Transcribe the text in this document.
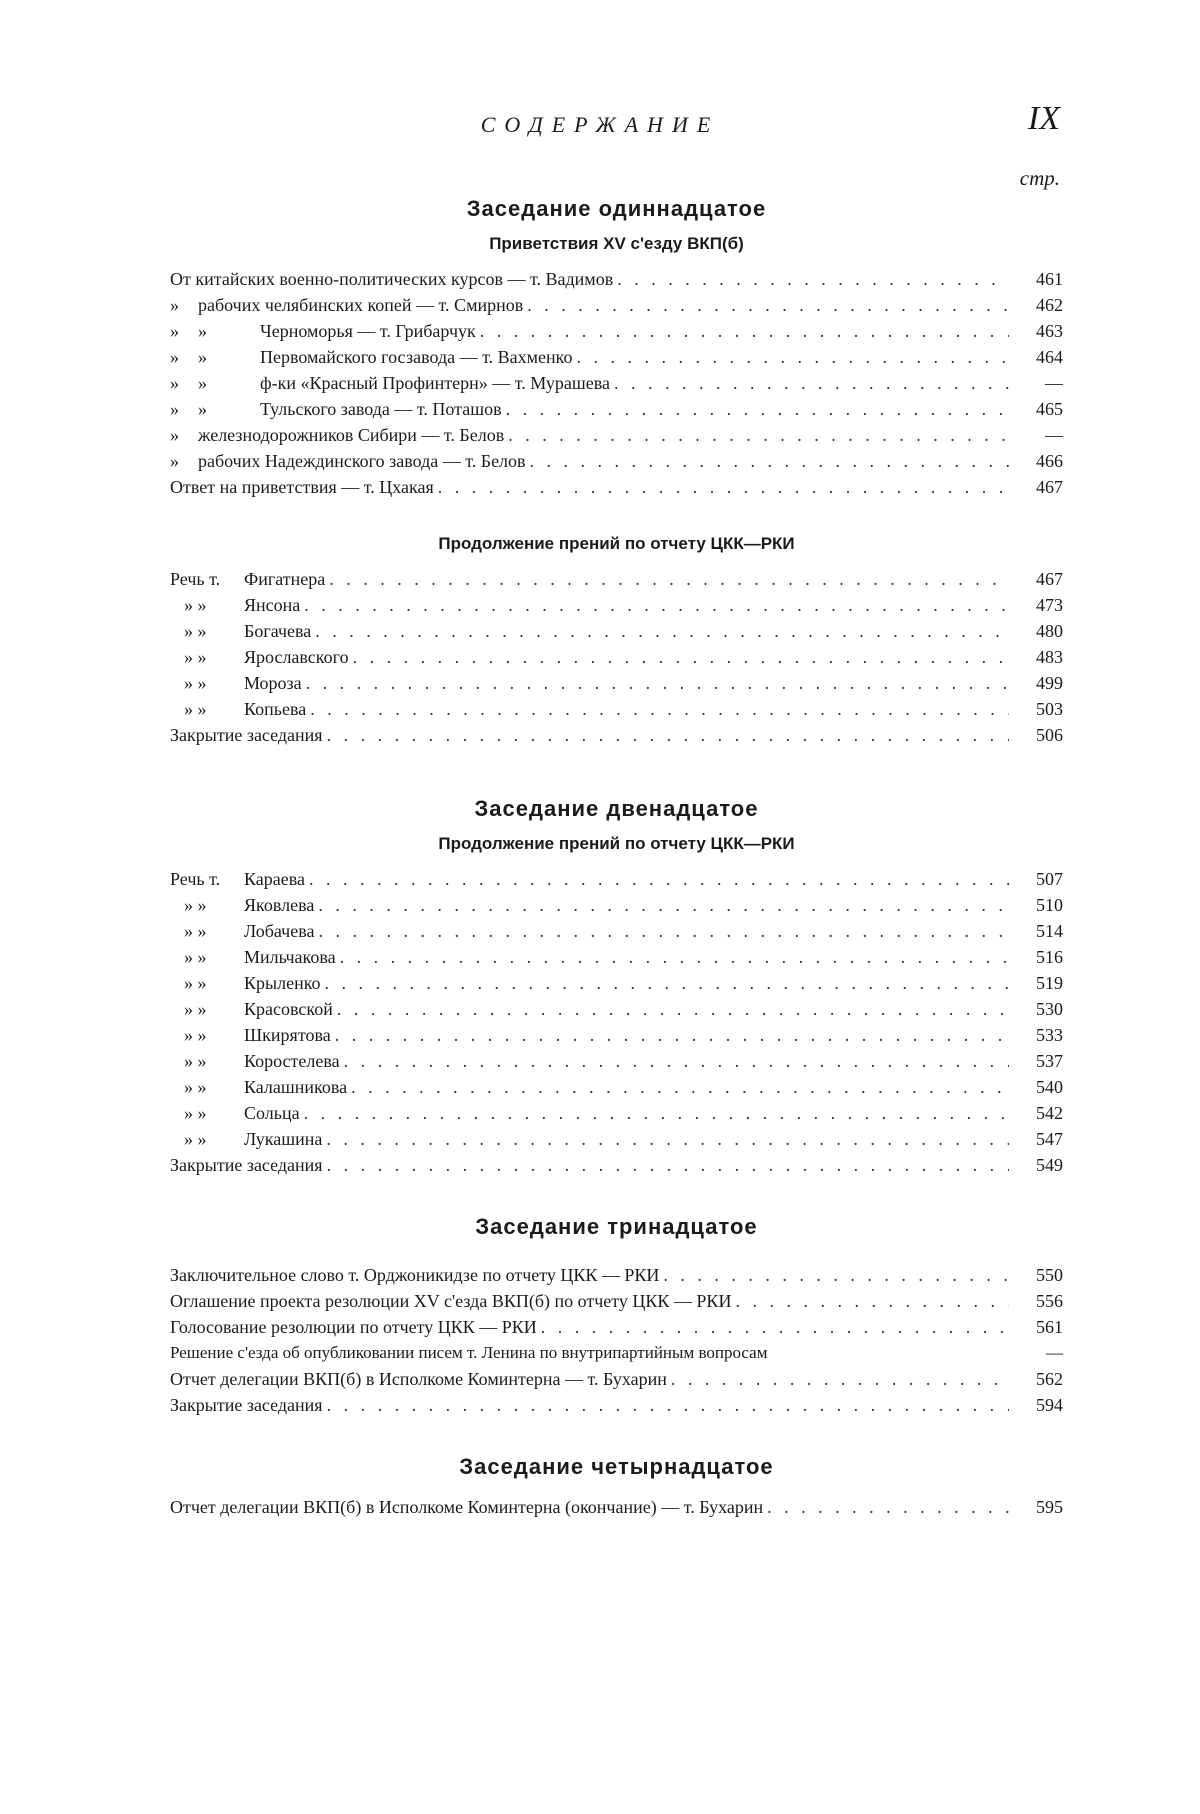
СОДЕРЖАНИЕ	IX
стр.
Заседание одиннадцатое
Приветствия XV с'езду ВКП(б)
От китайских военно-политических курсов — т. Вадимов . . .	461
» рабочих челябинских копей — т. Смирнов . . .	462
» »	Черноморья — т. Грибарчук . . .	463
» »	Первомайского госзавода — т. Вахменко . . .	464
» »	ф-ки «Красный Профинтерн» — т. Мурашева . . .	—
» »	Тульского завода — т. Поташов . . .	465
» железнодорожников Сибири — т. Белов . . .	—
» рабочих Надеждинского завода — т. Белов . . .	466
Ответ на приветствия — т. Цхакая . . .	467
Продолжение прений по отчету ЦКК—РКИ
Речь т. Фигатнера . . .	467
» » Янсона . . .	473
» » Богачева . . .	480
» » Ярославского . . .	483
» » Мороза . . .	499
» » Копьева . . .	503
Закрытие заседания . . .	506
Заседание двенадцатое
Продолжение прений по отчету ЦКК—РКИ
Речь т. Караева . . .	507
» » Яковлева . . .	510
» » Лобачева . . .	514
» » Мильчакова . . .	516
» » Крыленко . . .	519
» » Красовской . . .	530
» » Шкирятова . . .	533
» » Коростелева . . .	537
» » Калашникова . . .	540
» » Сольца . . .	542
» » Лукашина . . .	547
Закрытие заседания . . .	549
Заседание тринадцатое
Заключительное слово т. Орджоникидзе по отчету ЦКК — РКИ . . .	550
Оглашение проекта резолюции XV с'езда ВКП(б) по отчету ЦКК — РКИ . . .	556
Голосование резолюции по отчету ЦКК — РКИ . . .	561
Решение с'езда об опубликовании писем т. Ленина по внутрипартийным вопросам	—
Отчет делегации ВКП(б) в Исполкоме Коминтерна — т. Бухарин . . .	562
Закрытие заседания . . .	594
Заседание четырнадцатое
Отчет делегации ВКП(б) в Исполкоме Коминтерна (окончание) — т. Бухарин . . .	595
